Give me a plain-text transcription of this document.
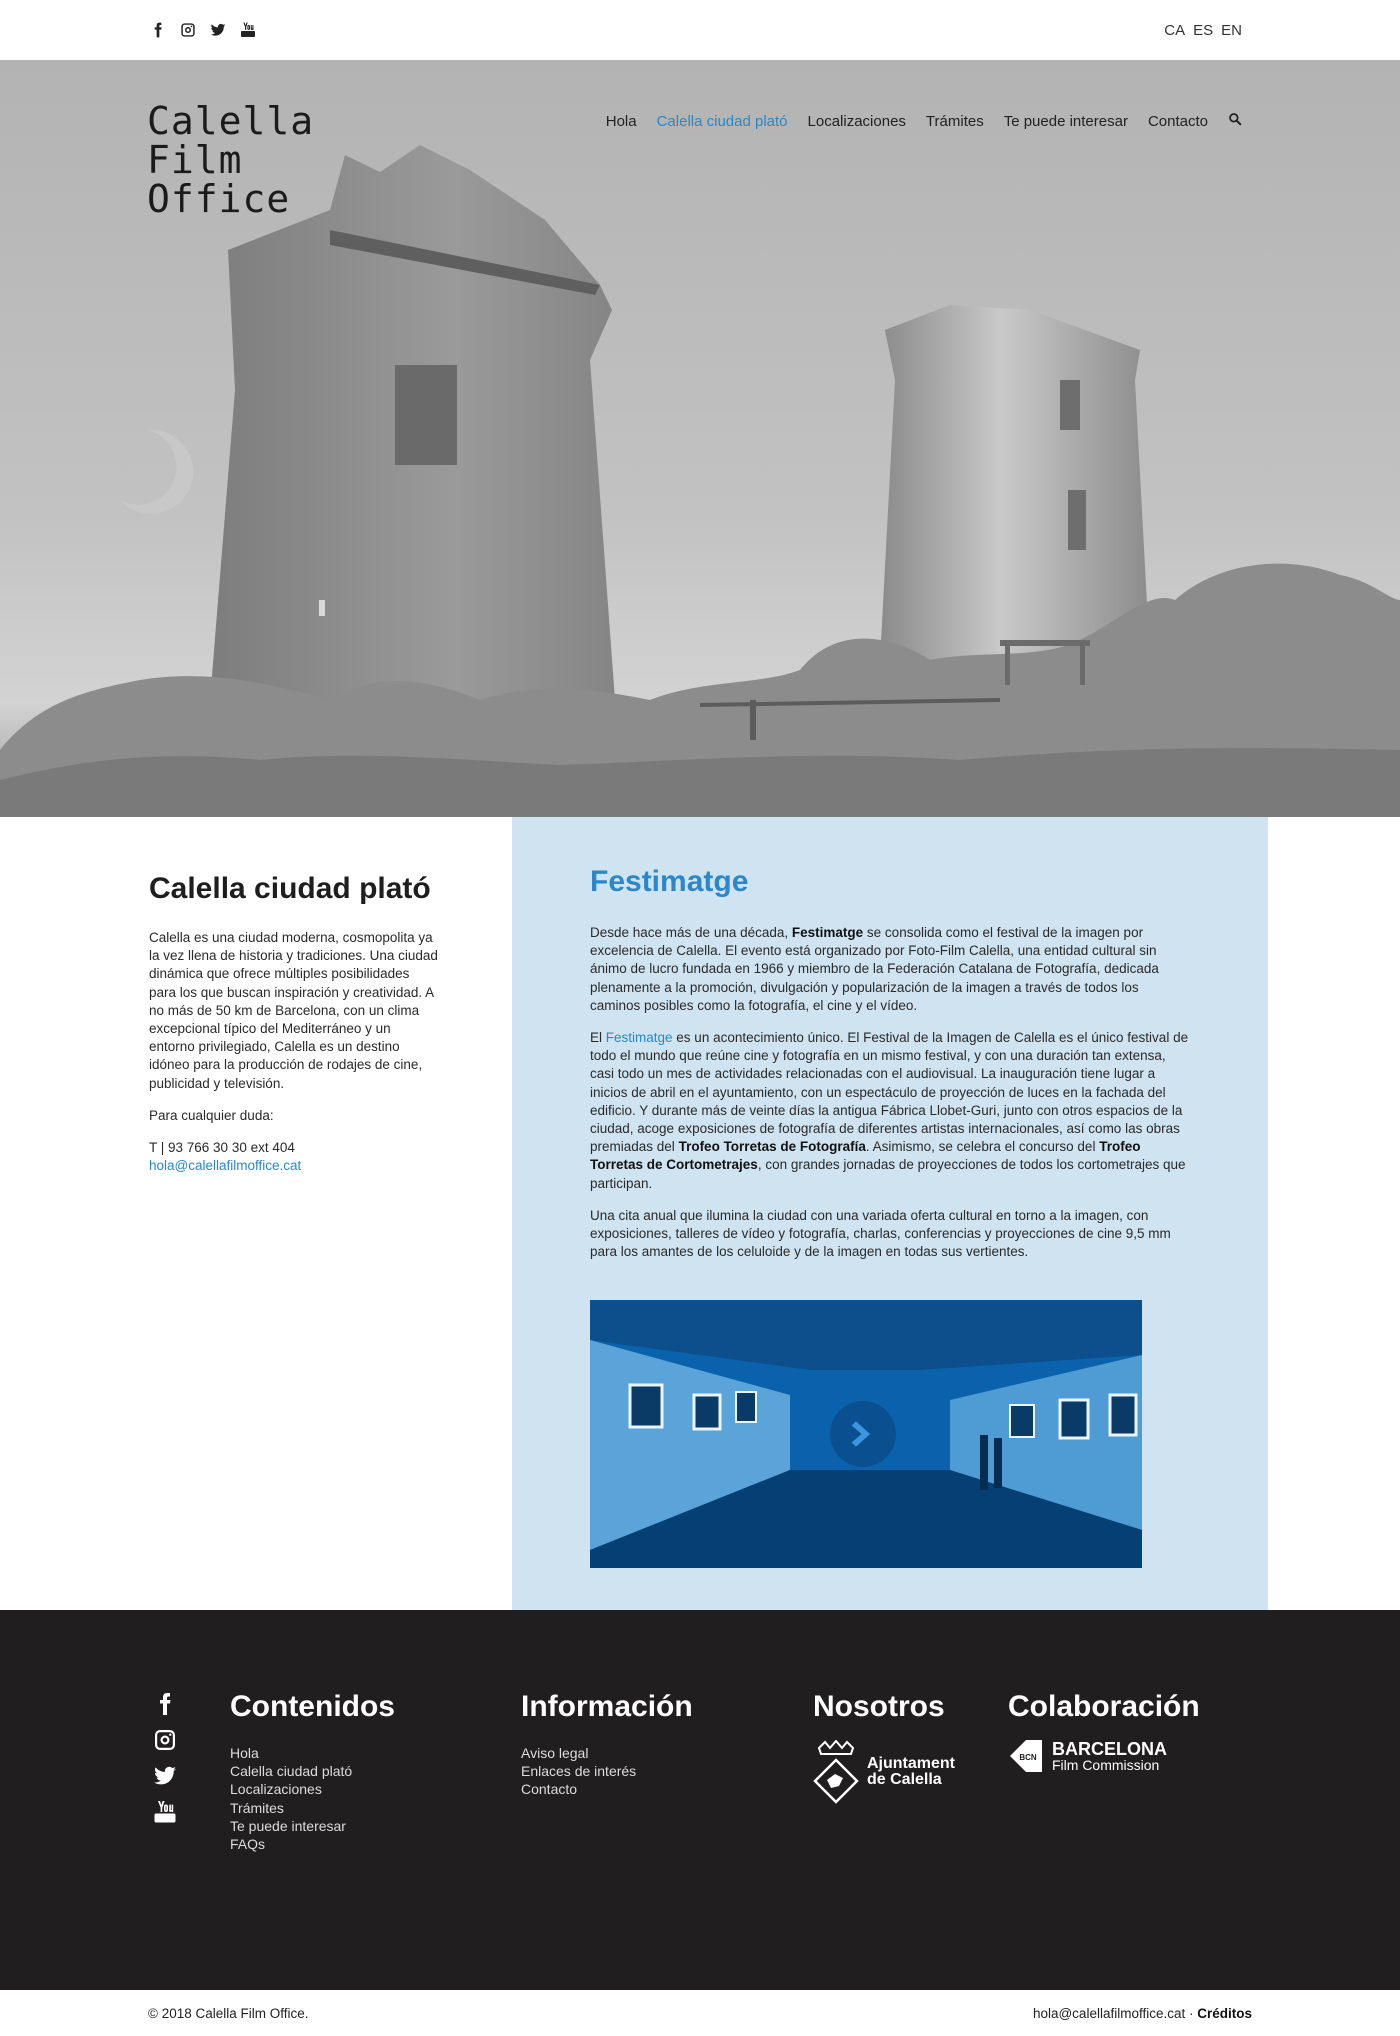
CA ES EN
Calella
Film
Office
Hola Calella ciudad plató Localizaciones Trámites Te puede interesar Contacto
Calella ciudad plató

Calella es una ciudad moderna, cosmopolita ya la vez llena de historia y tradiciones. Una ciudad dinámica que ofrece múltiples posibilidades para los que buscan inspiración y creatividad. A no más de 50 km de Barcelona, con un clima excepcional típico del Mediterráneo y un entorno privilegiado, Calella es un destino idóneo para la producción de rodajes de cine, publicidad y televisión.

Para cualquier duda:

T | 93 766 30 30 ext 404

hola@calellafilmoffice.cat

Festimatge

Desde hace más de una década, Festimatge se consolida como el festival de la imagen por excelencia de Calella. El evento está organizado por Foto-Film Calella, una entidad cultural sin ánimo de lucro fundada en 1966 y miembro de la Federación Catalana de Fotografía, dedicada plenamente a la promoción, divulgación y popularización de la imagen a través de todos los caminos posibles como la fotografía, el cine y el vídeo.

El Festimatge es un acontecimiento único. El Festival de la Imagen de Calella es el único festival de todo el mundo que reúne cine y fotografía en un mismo festival, y con una duración tan extensa, casi todo un mes de actividades relacionadas con el audiovisual. La inauguración tiene lugar a inicios de abril en el ayuntamiento, con un espectáculo de proyección de luces en la fachada del edificio. Y durante más de veinte días la antigua Fábrica Llobet-Guri, junto con otros espacios de la ciudad, acoge exposiciones de fotografía de diferentes artistas internacionales, así como las obras premiadas del Trofeo Torretas de Fotografía. Asimismo, se celebra el concurso del Trofeo Torretas de Cortometrajes, con grandes jornadas de proyecciones de todos los cortometrajes que participan.

Una cita anual que ilumina la ciudad con una variada oferta cultural en torno a la imagen, con exposiciones, talleres de vídeo y fotografía, charlas, conferencias y proyecciones de cine 9,5 mm para los amantes de los celuloide y de la imagen en todas sus vertientes.

Contenidos
Hola
Calella ciudad plató
Localizaciones
Trámites
Te puede interesar
FAQs
Información
Aviso legal
Enlaces de interés
Contacto
Nosotros
Ajuntament
de Calella
Colaboración
BCN BARCELONA
Film Commission
© 2018 Calella Film Office.	hola@calellafilmoffice.cat · Créditos
